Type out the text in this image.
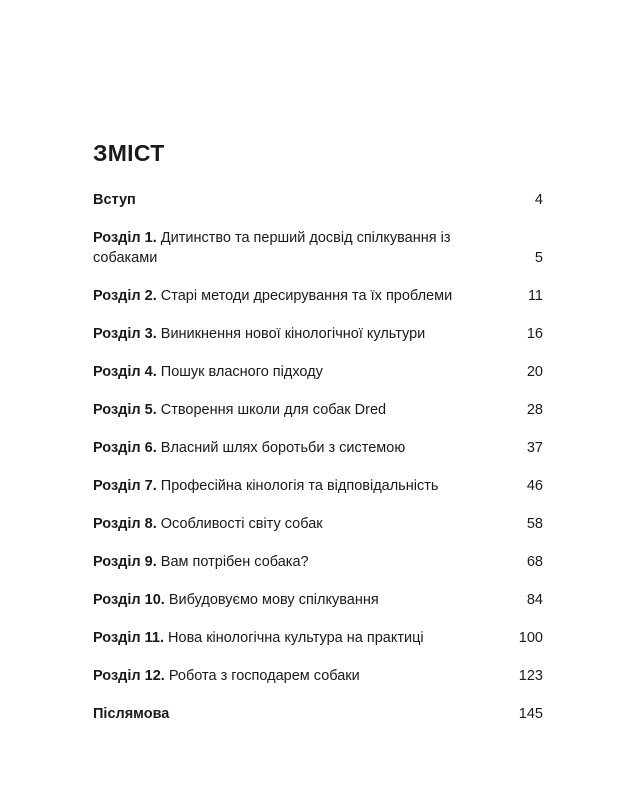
ЗМІСТ
Вступ	4
Розділ 1. Дитинство та перший досвід спілкування із собаками	5
Розділ 2. Старі методи дресирування та їх проблеми	11
Розділ 3. Виникнення нової кінологічної культури	16
Розділ 4. Пошук власного підходу	20
Розділ 5. Створення школи для собак Dred	28
Розділ 6. Власний шлях боротьби з системою	37
Розділ 7. Професійна кінологія та відповідальність	46
Розділ 8. Особливості світу собак	58
Розділ 9. Вам потрібен собака?	68
Розділ 10. Вибудовуємо мову спілкування	84
Розділ 11. Нова кінологічна культура на практиці	100
Розділ 12. Робота з господарем собаки	123
Післямова	145
